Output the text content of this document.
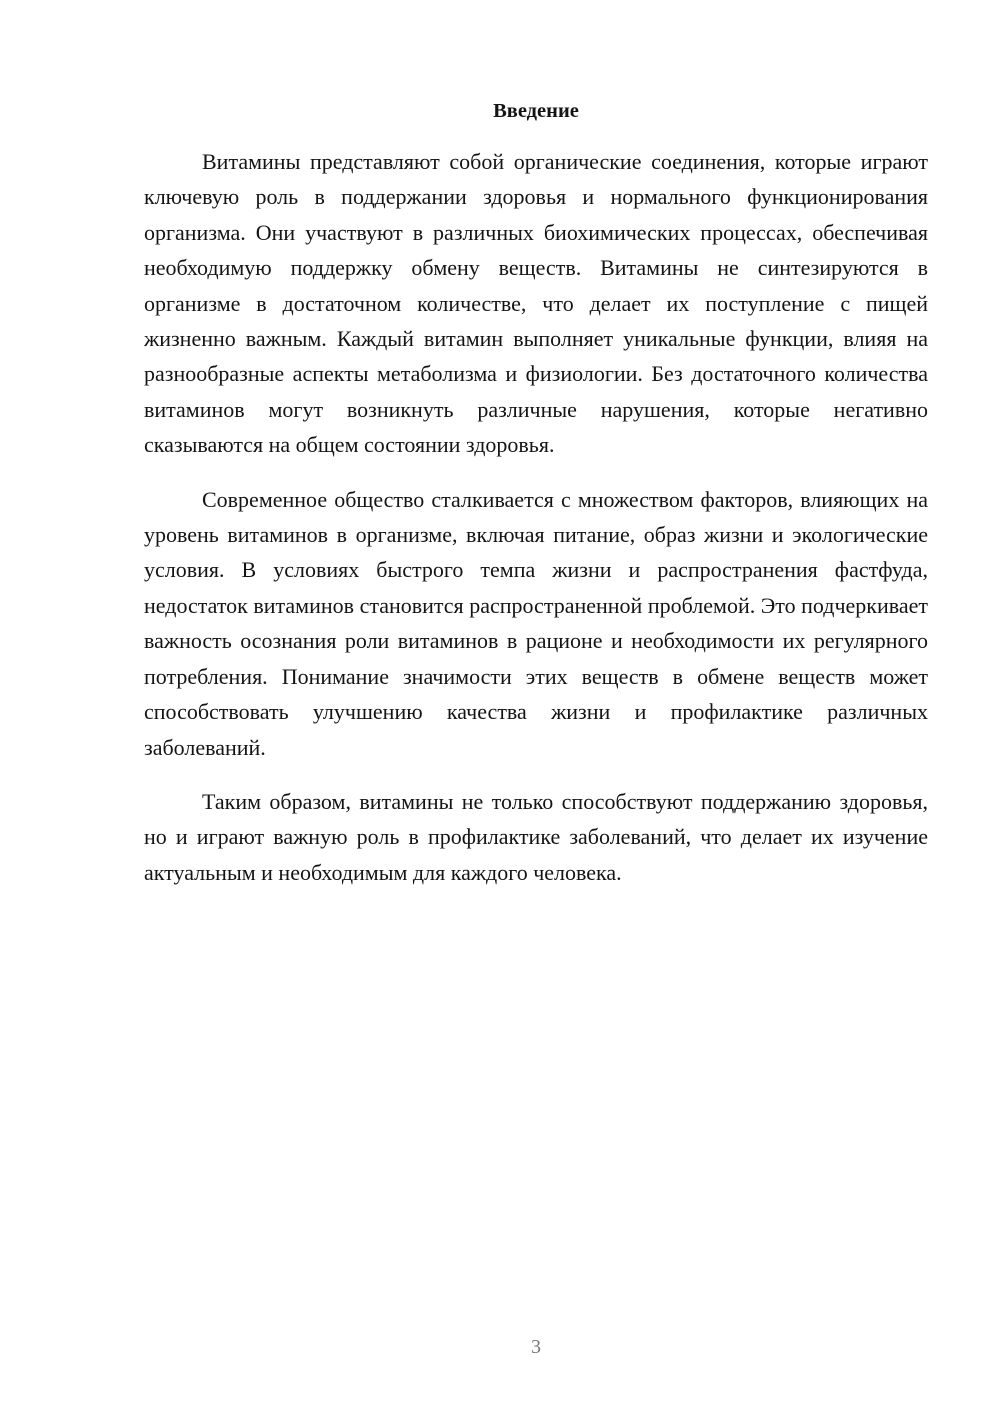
Введение

Витамины представляют собой органические соединения, которые играют ключевую роль в поддержании здоровья и нормального функционирования организма. Они участвуют в различных биохимических процессах, обеспечивая необходимую поддержку обмену веществ. Витамины не синтезируются в организме в достаточном количестве, что делает их поступление с пищей жизненно важным. Каждый витамин выполняет уникальные функции, влияя на разнообразные аспекты метаболизма и физиологии. Без достаточного количества витаминов могут возникнуть различные нарушения, которые негативно сказываются на общем состоянии здоровья.

Современное общество сталкивается с множеством факторов, влияющих на уровень витаминов в организме, включая питание, образ жизни и экологические условия. В условиях быстрого темпа жизни и распространения фастфуда, недостаток витаминов становится распространенной проблемой. Это подчеркивает важность осознания роли витаминов в рационе и необходимости их регулярного потребления. Понимание значимости этих веществ в обмене веществ может способствовать улучшению качества жизни и профилактике различных заболеваний.

Таким образом, витамины не только способствуют поддержанию здоровья, но и играют важную роль в профилактике заболеваний, что делает их изучение актуальным и необходимым для каждого человека.

3
